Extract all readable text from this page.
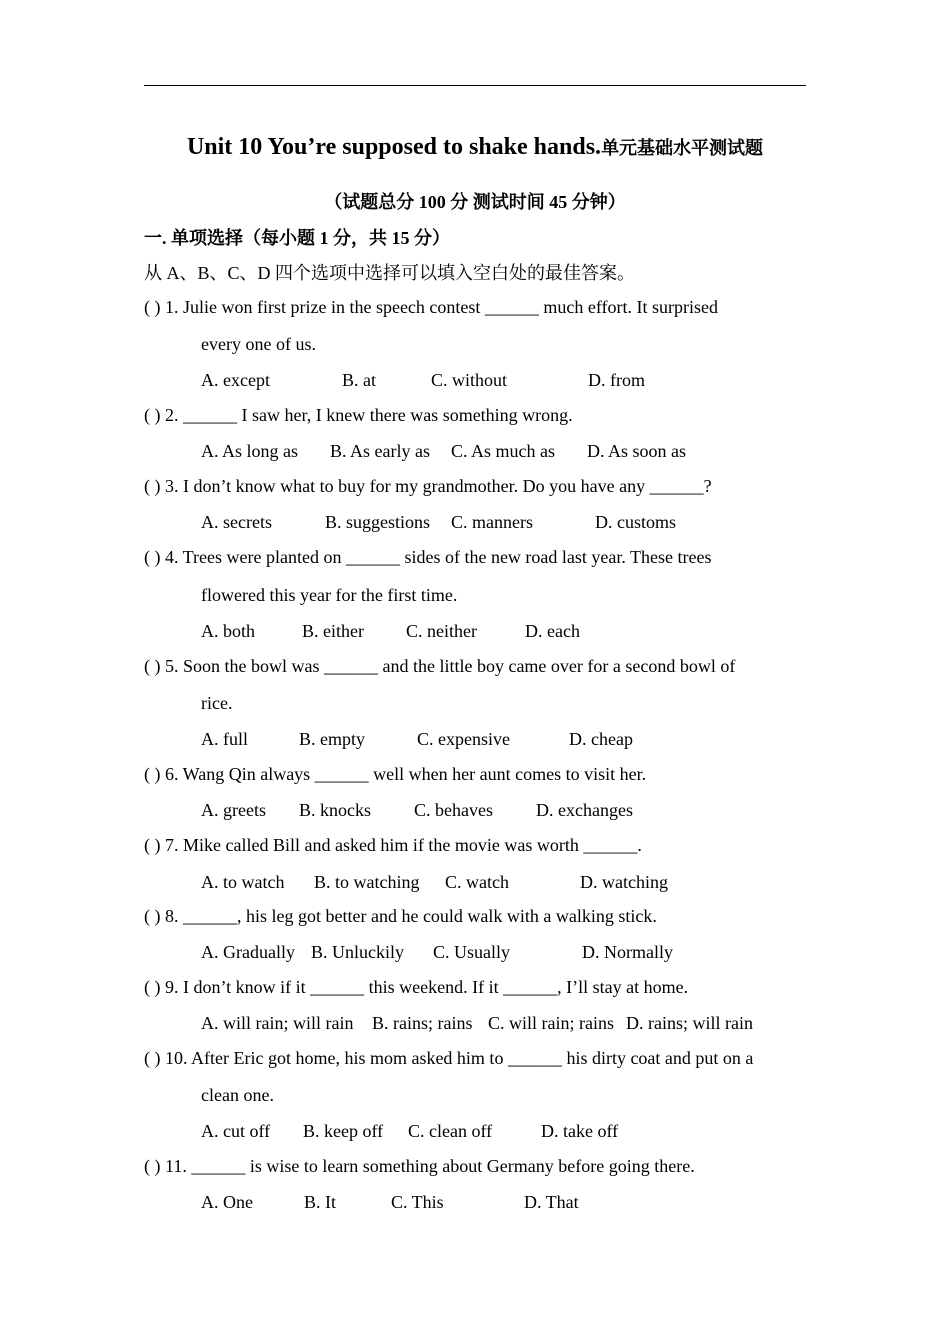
Unit 10 You’re supposed to shake hands.单元基础水平测试题
（试题总分 100 分 测试时间 45 分钟）
一. 单项选择（每小题 1 分，共 15 分）
从 A、B、C、D 四个选项中选择可以填入空白处的最佳答案。
( ) 1. Julie won first prize in the speech contest ______ much effort. It surprised
every one of us.
A. except	B. at	C. without	D. from
( ) 2. ______ I saw her, I knew there was something wrong.
A. As long as B. As early as C. As much as D. As soon as
( ) 3. I don’t know what to buy for my grandmother. Do you have any ______?
A. secrets	B. suggestions C. manners	D. customs
( ) 4. Trees were planted on ______ sides of the new road last year. These trees
flowered this year for the first time.
A. both	B. either C. neither	D. each
( ) 5. Soon the bowl was ______ and the little boy came over for a second bowl of
rice.
A. full	B. empty	C. expensive	D. cheap
( ) 6. Wang Qin always ______ well when her aunt comes to visit her.
A. greets B. knocks C. behaves D. exchanges
( ) 7. Mike called Bill and asked him if the movie was worth ______.
A. to watch B. to watching C. watch	D. watching
( ) 8. ______, his leg got better and he could walk with a walking stick.
A. Gradually B. Unluckily C. Usually	D. Normally
( ) 9. I don’t know if it ______ this weekend. If it ______, I’ll stay at home.
A. will rain; will rain B. rains; rains C. will rain; rains D. rains; will rain
( ) 10. After Eric got home, his mom asked him to ______ his dirty coat and put on a
clean one.
A. cut off B. keep off C. clean off	D. take off
( ) 11. ______ is wise to learn something about Germany before going there.
A. One	B. It	C. This	D. That
